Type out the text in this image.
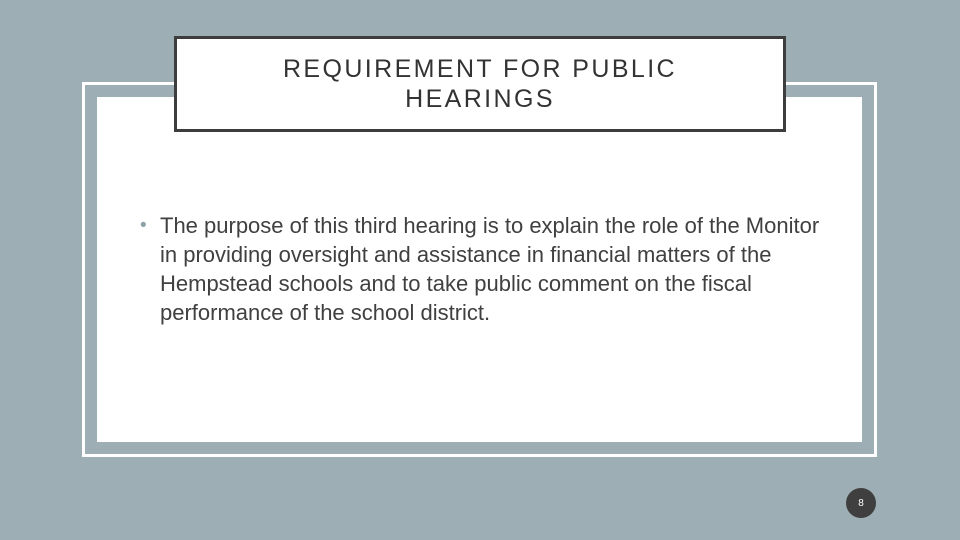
REQUIREMENT FOR PUBLIC HEARINGS
• The purpose of this third hearing is to explain the role of the Monitor in providing oversight and assistance in financial matters of the Hempstead schools and to take public comment on the fiscal performance of the school district.
8
